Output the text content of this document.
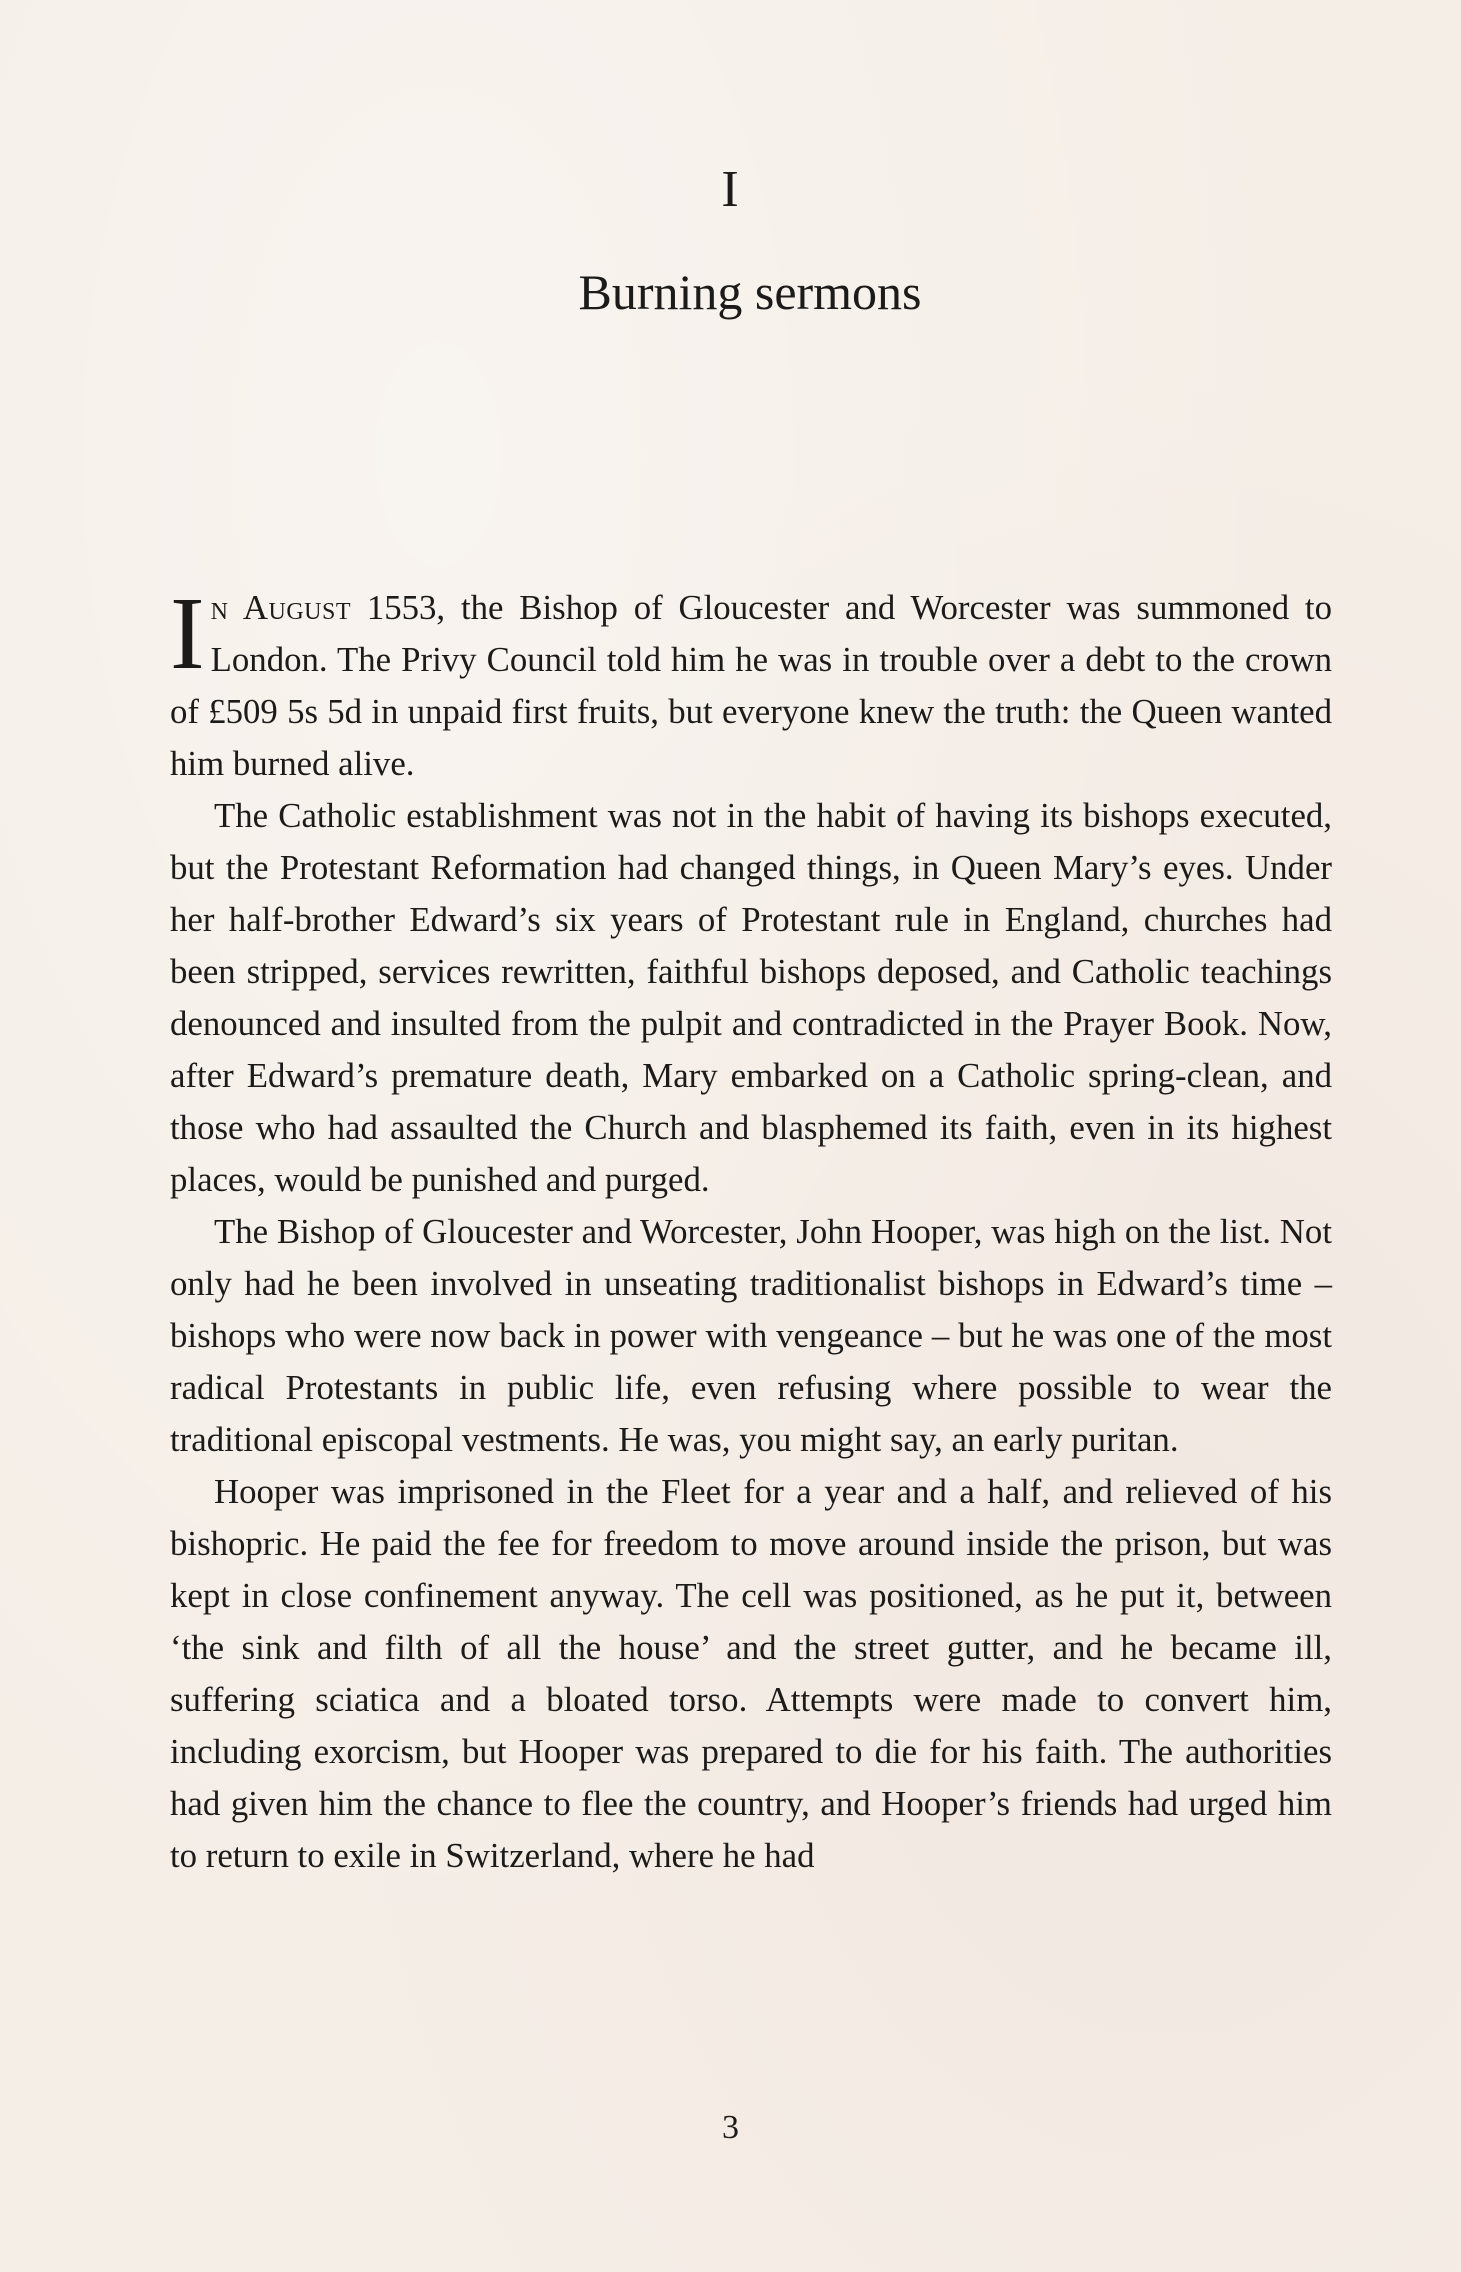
I
Burning sermons

In August 1553, the Bishop of Gloucester and Worcester was summoned to London. The Privy Council told him he was in trouble over a debt to the crown of £509 5s 5d in unpaid first fruits, but everyone knew the truth: the Queen wanted him burned alive.

The Catholic establishment was not in the habit of having its bishops executed, but the Protestant Reformation had changed things, in Queen Mary’s eyes. Under her half-brother Edward’s six years of Protestant rule in England, churches had been stripped, services rewritten, faithful bishops deposed, and Catholic teachings denounced and insulted from the pulpit and contradicted in the Prayer Book. Now, after Edward’s premature death, Mary embarked on a Catholic spring-clean, and those who had assaulted the Church and blasphemed its faith, even in its highest places, would be punished and purged.

The Bishop of Gloucester and Worcester, John Hooper, was high on the list. Not only had he been involved in unseating traditionalist bishops in Edward’s time – bishops who were now back in power with vengeance – but he was one of the most radical Protestants in public life, even refusing where possible to wear the traditional episcopal vestments. He was, you might say, an early puritan.

Hooper was imprisoned in the Fleet for a year and a half, and relieved of his bishopric. He paid the fee for freedom to move around inside the prison, but was kept in close confinement anyway. The cell was positioned, as he put it, between ‘the sink and filth of all the house’ and the street gutter, and he became ill, suffering sciatica and a bloated torso. Attempts were made to convert him, including exorcism, but Hooper was prepared to die for his faith. The authorities had given him the chance to flee the country, and Hooper’s friends had urged him to return to exile in Switzerland, where he had

3
